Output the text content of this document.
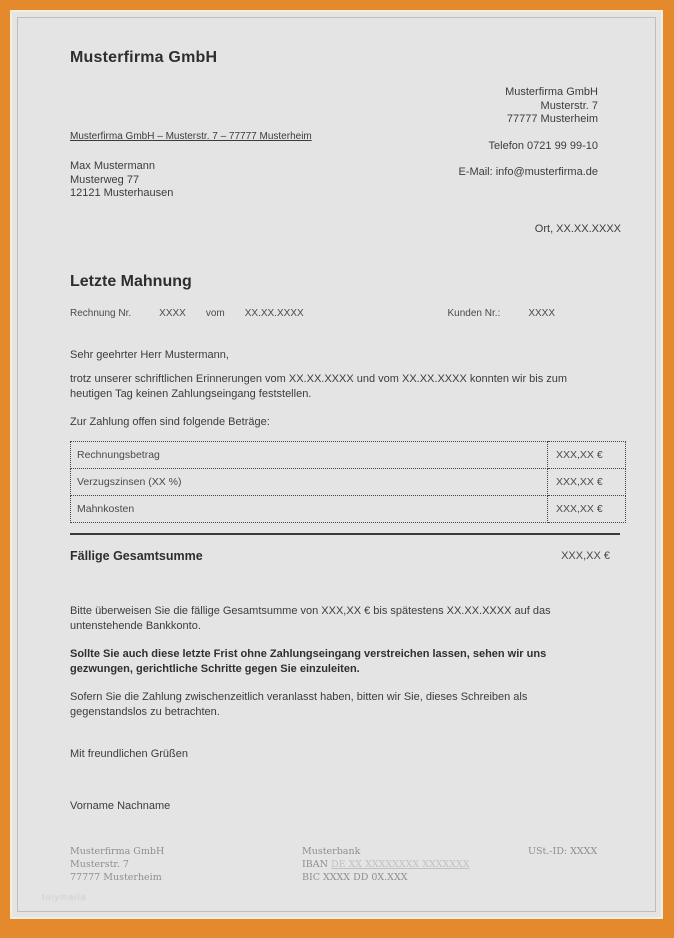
Musterfirma GmbH
Musterfirma GmbH – Musterstr. 7 – 77777 Musterheim
Max Mustermann
Musterweg 77
12121 Musterhausen
Musterfirma GmbH
Musterstr. 7
77777 Musterheim
Telefon 0721 99 99-10
E-Mail: info@musterfirma.de
Ort, XX.XX.XXXX
Letzte Mahnung
Rechnung Nr.	XXXX vom XX.XX.XXXX	Kunden Nr.:	XXXX
Sehr geehrter Herr Mustermann,
trotz unserer schriftlichen Erinnerungen vom XX.XX.XXXX und vom XX.XX.XXXX konnten wir bis zum heutigen Tag keinen Zahlungseingang feststellen.
Zur Zahlung offen sind folgende Beträge:
Rechnungsbetrag	XXX,XX €
Verzugszinsen (XX %)	XXX,XX €
Mahnkosten	XXX,XX €
Fällige Gesamtsumme	XXX,XX €
Bitte überweisen Sie die fällige Gesamtsumme von XXX,XX € bis spätestens XX.XX.XXXX auf das untenstehende Bankkonto.
Sollte Sie auch diese letzte Frist ohne Zahlungseingang verstreichen lassen, sehen wir uns gezwungen, gerichtliche Schritte gegen Sie einzuleiten.
Sofern Sie die Zahlung zwischenzeitlich veranlasst haben, bitten wir Sie, dieses Schreiben als gegenstandslos zu betrachten.
Mit freundlichen Grüßen
Vorname Nachname
Musterfirma GmbH
Musterstr. 7
77777 Musterheim
Musterbank
IBAN DE XX XXXXXXXX XXXXXXX
BIC XXXX DD 0X.XXX
USt.-ID: XXXX
tolymaila
